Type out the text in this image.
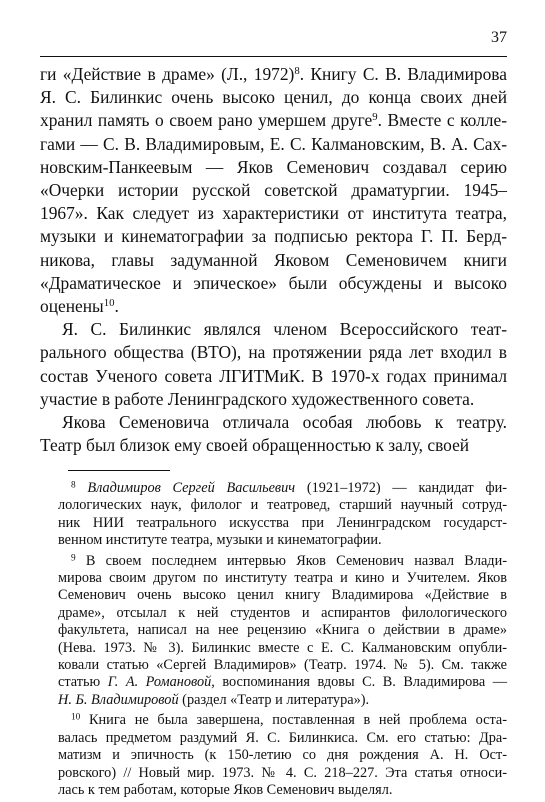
37

ги «Действие в драме» (Л., 1972)$^8$. Книгу С. В. Владимирова
Я. С. Билинкис очень высоко ценил, до конца своих дней
хранил память о своем рано умершем друге$^9$. Вместе с колле-
гами — С. В. Владимировым, Е. С. Калмановским, В. А. Сах-
новским-Панкеевым — Яков Семенович создавал серию
«Очерки истории русской советской драматургии. 1945–
1967». Как следует из характеристики от института театра,
музыки и кинематографии за подписью ректора Г. П. Берд-
никова, главы задуманной Яковом Семеновичем книги
«Драматическое и эпическое» были обсуждены и высоко
оценены$^{10}$.

Я. С. Билинкис являлся членом Всероссийского теат-
рального общества (ВТО), на протяжении ряда лет входил в
состав Ученого совета ЛГИТМиК. В 1970-х годах принимал
участие в работе Ленинградского художественного совета.

Якова Семеновича отличала особая любовь к театру.
Театр был близок ему своей обращенностью к залу, своей

$^8$ Владимиров Сергей Васильевич (1921–1972) — кандидат фи-
лологических наук, филолог и театровед, старший научный сотруд-
ник НИИ театрального искусства при Ленинградском государст-
венном институте театра, музыки и кинематографии.

$^9$ В своем последнем интервью Яков Семенович назвал Влади-
мирова своим другом по институту театра и кино и Учителем. Яков
Семенович очень высоко ценил книгу Владимирова «Действие в
драме», отсылал к ней студентов и аспирантов филологического
факультета, написал на нее рецензию «Книга о действии в драме»
(Нева. 1973. № 3). Билинкис вместе с Е. С. Калмановским опубли-
ковали статью «Сергей Владимиров» (Театр. 1974. № 5). См. также
статью Г. А. Романовой, воспоминания вдовы С. В. Владимирова —
Н. Б. Владимировой (раздел «Театр и литература»).

$^{10}$ Книга не была завершена, поставленная в ней проблема оста-
валась предметом раздумий Я. С. Билинкиса. См. его статью: Дра-
матизм и эпичность (к 150-летию со дня рождения А. Н. Ост-
ровского) // Новый мир. 1973. № 4. С. 218–227. Эта статья относи-
лась к тем работам, которые Яков Семенович выделял.
